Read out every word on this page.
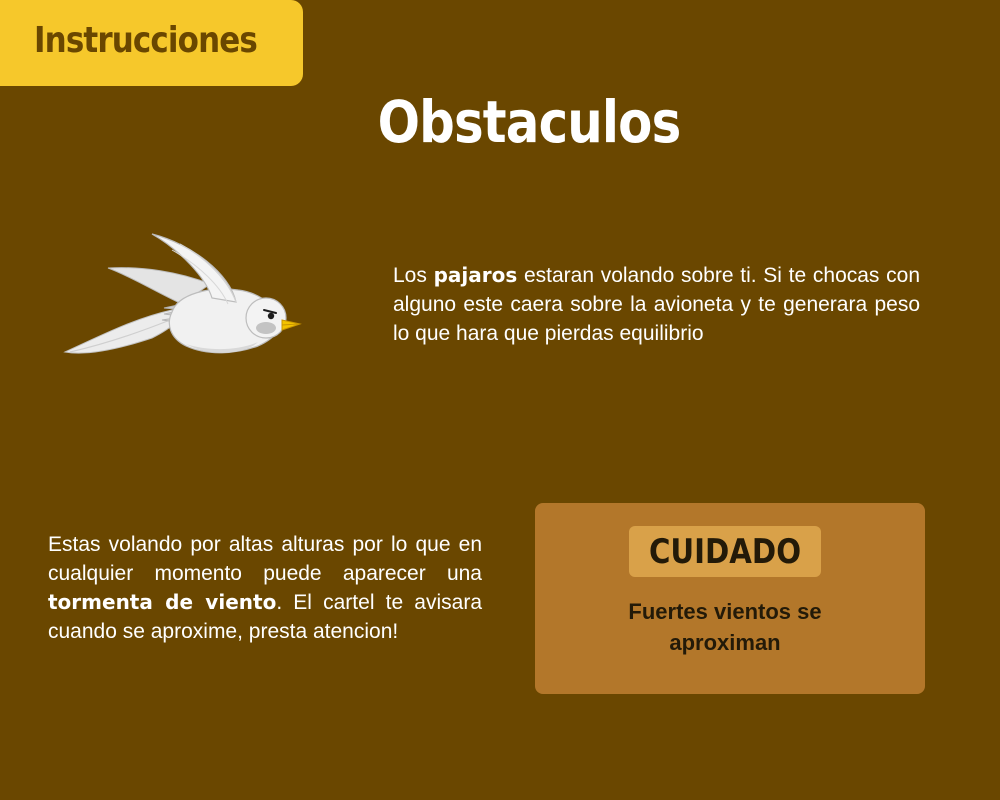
Instrucciones
Obstaculos

Los pajaros estaran volando sobre ti. Si te chocas con alguno este caera sobre la avioneta y te generara peso lo que hara que pierdas equilibrio

Estas volando por altas alturas por lo que en cualquier momento puede aparecer una tormenta de viento. El cartel te avisara cuando se aproxime, presta atencion!

CUIDADO
Fuertes vientos se aproximan
